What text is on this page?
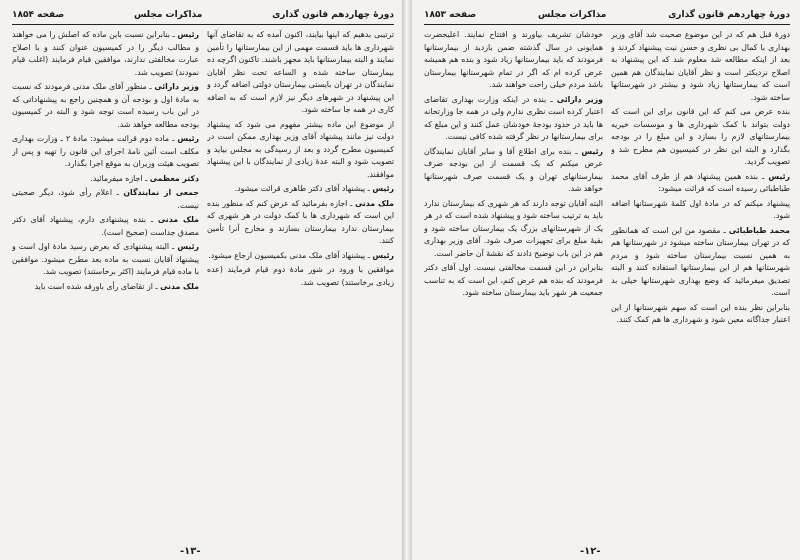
دورهٔ چهاردهم قانون گذاری
مذاکرات مجلس
صفحه ۱۸۵۴

ترتیبی بدهیم که اینها بیایند، اکنون آمده که به تقاضای آنها شهرداری ها باید قسمت مهمی از این بیمارستانها را تأمین نمایند و البته بیمارستانها باید مجهز باشند. تاکنون اگرچه ده بیمارستان ساخته شده و الساعه تحت نظر آقایان نمایندگان در تهران بایستی بیمارستان دولتی اضافه گردد و این پیشنهاد در شهرهای دیگر نیز لازم است که به اضافه کاری در همه جا ساخته شود.

از موضوع این ماده بیشتر مفهوم می شود که پیشنهاد دولت نیز مانند پیشنهاد آقای وزیر بهداری ممکن است در کمیسیون مطرح گردد و بعد از رسیدگی به مجلس بیاید و تصویب شود و البته عدهٔ زیادی از نمایندگان با این پیشنهاد موافقند.

رئیس ـ پیشنهاد آقای دکتر طاهری قرائت میشود.

ملک مدنی ـ اجازه بفرمائید که عرض کنم که منظور بنده این است که شهرداری ها با کمک دولت در هر شهری که بیمارستان ندارد بیمارستان بسازند و مخارج آنرا تأمین کنند.

رئیس ـ پیشنهاد آقای ملک مدنی بکمیسیون ارجاع میشود.

موافقین با ورود در شور مادهٔ دوم قیام فرمایند (عده زیادی برخاستند) تصویب شد.

رئیس ـ بنابراین نسبت باین ماده که اصلش را می خواهند و مطالب دیگر را در کمیسیون عنوان کنند و با اصلاح عبارت مخالفتی ندارند، موافقین قیام فرمایند (اغلب قیام نمودند) تصویب شد.

وزیر دارائی ـ منظور آقای ملک مدنی فرمودند که نسبت به مادهٔ اول و بودجه آن و همچنین راجع به پیشنهاداتی که در این باب رسیده است توجه شود و البته در کمیسیون بودجه مطالعه خواهد شد.

رئیس ـ ماده دوم قرائت میشود: مادهٔ ۲ ـ وزارت بهداری مکلف است آئین نامهٔ اجرای این قانون را تهیه و پس از تصویب هیئت وزیران به موقع اجرا بگذارد.

دکتر معظمی ـ اجازه میفرمائید.

جمعی از نمایندگان ـ اعلام رأی شود، دیگر صحبتی نیست.

ملک مدنی ـ بنده پیشنهادی دارم، پیشنهاد آقای دکتر مصدق جداست (صحیح است).

رئیس ـ البته پیشنهادی که بعرض رسید مادهٔ اول است و پیشنهاد آقایان نسبت به ماده بعد مطرح میشود. موافقین با ماده قیام فرمایند (اکثر برخاستند) تصویب شد.

ملک مدنی ـ از تقاضای رأی باورقه شده است باید

-۱۳-
دورهٔ چهاردهم قانون گذاری
مذاکرات مجلس
صفحه ۱۸۵۳

دورهٔ قبل هم که در این موضوع صحبت شد آقای وزیر بهداری با کمال بی نظری و حسن نیت پیشنهاد کردند و بعد از اینکه مطالعه شد معلوم شد که این پیشنهاد به اصلاح نزدیکتر است و نظر آقایان نمایندگان هم همین است که بیمارستانها زیاد شود و بیشتر در شهرستانها ساخته شود.

بنده عرض می کنم که این قانون برای این است که دولت بتواند با کمک شهرداری ها و موسسات خیریه بیمارستانهای لازم را بسازد و این مبلغ را در بودجه بگذارد و البته این نظر در کمیسیون هم مطرح شد و تصویب گردید.

رئیس ـ بنده همین پیشنهاد هم از طرف آقای محمد طباطبائی رسیده است که قرائت میشود:

پیشنهاد میکنم که در مادهٔ اول کلمهٔ شهرستانها اضافه شود.

محمد طباطبائی ـ مقصود من این است که همانطور که در تهران بیمارستان ساخته میشود در شهرستانها هم به همین نسبت بیمارستان ساخته شود و مردم شهرستانها هم از این بیمارستانها استفاده کنند و البته تصدیق میفرمائید که وضع بهداری شهرستانها خیلی بد است.

بنابراین نظر بنده این است که سهم شهرستانها از این اعتبار جداگانه معین شود و شهرداری ها هم کمک کنند.

خودشان تشریف بیاورند و افتتاح نمایند. اعلیحضرت همایونی در سال گذشته ضمن بازدید از بیمارستانها فرمودند که باید بیمارستانها زیاد شود و بنده هم همیشه عرض کرده ام که اگر در تمام شهرستانها بیمارستان باشد مردم خیلی راحت خواهند شد.

وزیر دارائی ـ بنده در اینکه وزارت بهداری تقاضای اعتبار کرده است نظری ندارم ولی در همه جا وزارتخانه ها باید در حدود بودجهٔ خودشان عمل کنند و این مبلغ که برای بیمارستانها در نظر گرفته شده کافی نیست.

رئیس ـ بنده برای اطلاع آقا و سایر آقایان نمایندگان عرض میکنم که یک قسمت از این بودجه صرف بیمارستانهای تهران و یک قسمت صرف شهرستانها خواهد شد.

البته آقایان توجه دارند که هر شهری که بیمارستان ندارد باید به ترتیب ساخته شود و پیشنهاد شده است که در هر یک از شهرستانهای بزرگ یک بیمارستان ساخته شود و بقیهٔ مبلغ برای تجهیزات صرف شود. آقای وزیر بهداری هم در این باب توضیح دادند که نقشهٔ آن حاضر است.

بنابراین در این قسمت مخالفتی نیست. اول آقای دکتر فرمودند که بنده هم عرض کنم، این است که به تناسب جمعیت هر شهر باید بیمارستان ساخته شود.

-۱۲-
